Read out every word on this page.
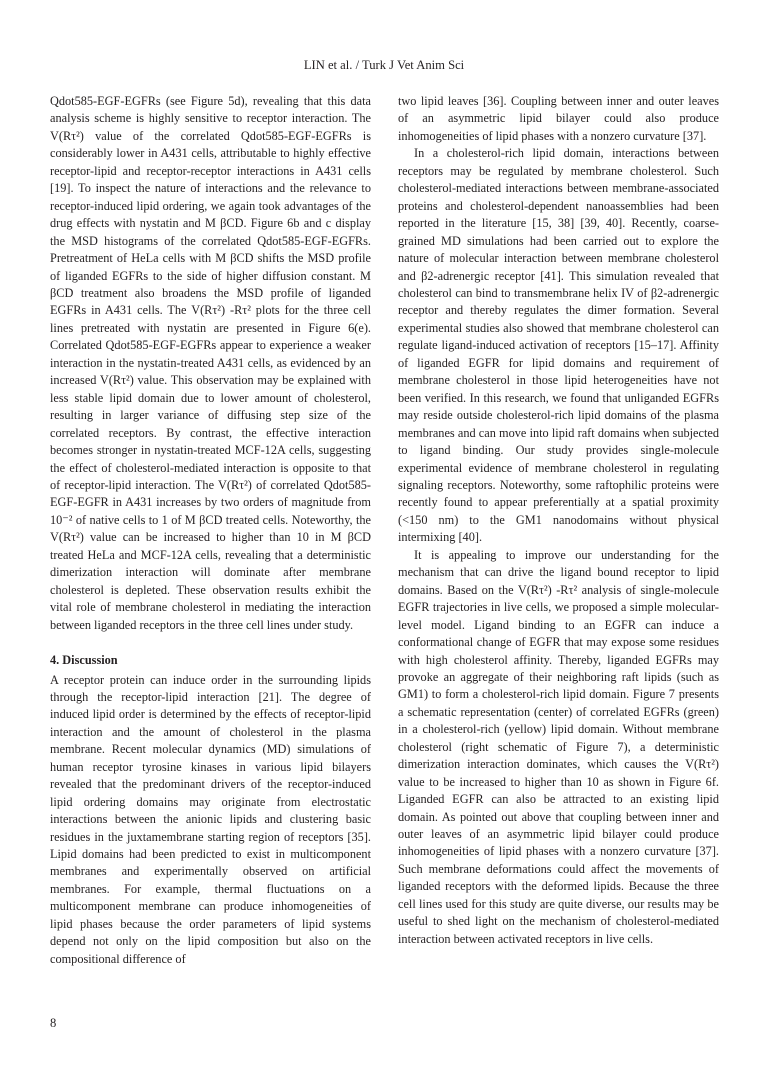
LIN et al. / Turk J Vet Anim Sci

Qdot585-EGF-EGFRs (see Figure 5d), revealing that this data analysis scheme is highly sensitive to receptor interaction. The V(Rτ²) value of the correlated Qdot585-EGF-EGFRs is considerably lower in A431 cells, attributable to highly effective receptor-lipid and receptor-receptor interactions in A431 cells [19]. To inspect the nature of interactions and the relevance to receptor-induced lipid ordering, we again took advantages of the drug effects with nystatin and M βCD. Figure 6b and c display the MSD histograms of the correlated Qdot585-EGF-EGFRs. Pretreatment of HeLa cells with M βCD shifts the MSD profile of liganded EGFRs to the side of higher diffusion constant. M βCD treatment also broadens the MSD profile of liganded EGFRs in A431 cells. The V(Rτ²) -Rτ² plots for the three cell lines pretreated with nystatin are presented in Figure 6(e). Correlated Qdot585-EGF-EGFRs appear to experience a weaker interaction in the nystatin-treated A431 cells, as evidenced by an increased V(Rτ²) value. This observation may be explained with less stable lipid domain due to lower amount of cholesterol, resulting in larger variance of diffusing step size of the correlated receptors. By contrast, the effective interaction becomes stronger in nystatin-treated MCF-12A cells, suggesting the effect of cholesterol-mediated interaction is opposite to that of receptor-lipid interaction. The V(Rτ²) of correlated Qdot585-EGF-EGFR in A431 increases by two orders of magnitude from 10⁻² of native cells to 1 of M βCD treated cells. Noteworthy, the V(Rτ²) value can be increased to higher than 10 in M βCD treated HeLa and MCF-12A cells, revealing that a deterministic dimerization interaction will dominate after membrane cholesterol is depleted. These observation results exhibit the vital role of membrane cholesterol in mediating the interaction between liganded receptors in the three cell lines under study.

4. Discussion

A receptor protein can induce order in the surrounding lipids through the receptor-lipid interaction [21]. The degree of induced lipid order is determined by the effects of receptor-lipid interaction and the amount of cholesterol in the plasma membrane. Recent molecular dynamics (MD) simulations of human receptor tyrosine kinases in various lipid bilayers revealed that the predominant drivers of the receptor-induced lipid ordering domains may originate from electrostatic interactions between the anionic lipids and clustering basic residues in the juxtamembrane starting region of receptors [35]. Lipid domains had been predicted to exist in multicomponent membranes and experimentally observed on artificial membranes. For example, thermal fluctuations on a multicomponent membrane can produce inhomogeneities of lipid phases because the order parameters of lipid systems depend not only on the lipid composition but also on the compositional difference of

two lipid leaves [36]. Coupling between inner and outer leaves of an asymmetric lipid bilayer could also produce inhomogeneities of lipid phases with a nonzero curvature [37].

In a cholesterol-rich lipid domain, interactions between receptors may be regulated by membrane cholesterol. Such cholesterol-mediated interactions between membrane-associated proteins and cholesterol-dependent nanoassemblies had been reported in the literature [15, 38] [39, 40]. Recently, coarse-grained MD simulations had been carried out to explore the nature of molecular interaction between membrane cholesterol and β2-adrenergic receptor [41]. This simulation revealed that cholesterol can bind to transmembrane helix IV of β2-adrenergic receptor and thereby regulates the dimer formation. Several experimental studies also showed that membrane cholesterol can regulate ligand-induced activation of receptors [15–17]. Affinity of liganded EGFR for lipid domains and requirement of membrane cholesterol in those lipid heterogeneities have not been verified. In this research, we found that unliganded EGFRs may reside outside cholesterol-rich lipid domains of the plasma membranes and can move into lipid raft domains when subjected to ligand binding. Our study provides single-molecule experimental evidence of membrane cholesterol in regulating signaling receptors. Noteworthy, some raftophilic proteins were recently found to appear preferentially at a spatial proximity (<150 nm) to the GM1 nanodomains without physical intermixing [40].

It is appealing to improve our understanding for the mechanism that can drive the ligand bound receptor to lipid domains. Based on the V(Rτ²) -Rτ² analysis of single-molecule EGFR trajectories in live cells, we proposed a simple molecular-level model. Ligand binding to an EGFR can induce a conformational change of EGFR that may expose some residues with high cholesterol affinity. Thereby, liganded EGFRs may provoke an aggregate of their neighboring raft lipids (such as GM1) to form a cholesterol-rich lipid domain. Figure 7 presents a schematic representation (center) of correlated EGFRs (green) in a cholesterol-rich (yellow) lipid domain. Without membrane cholesterol (right schematic of Figure 7), a deterministic dimerization interaction dominates, which causes the V(Rτ²) value to be increased to higher than 10 as shown in Figure 6f. Liganded EGFR can also be attracted to an existing lipid domain. As pointed out above that coupling between inner and outer leaves of an asymmetric lipid bilayer could produce inhomogeneities of lipid phases with a nonzero curvature [37]. Such membrane deformations could affect the movements of liganded receptors with the deformed lipids. Because the three cell lines used for this study are quite diverse, our results may be useful to shed light on the mechanism of cholesterol-mediated interaction between activated receptors in live cells.

8
